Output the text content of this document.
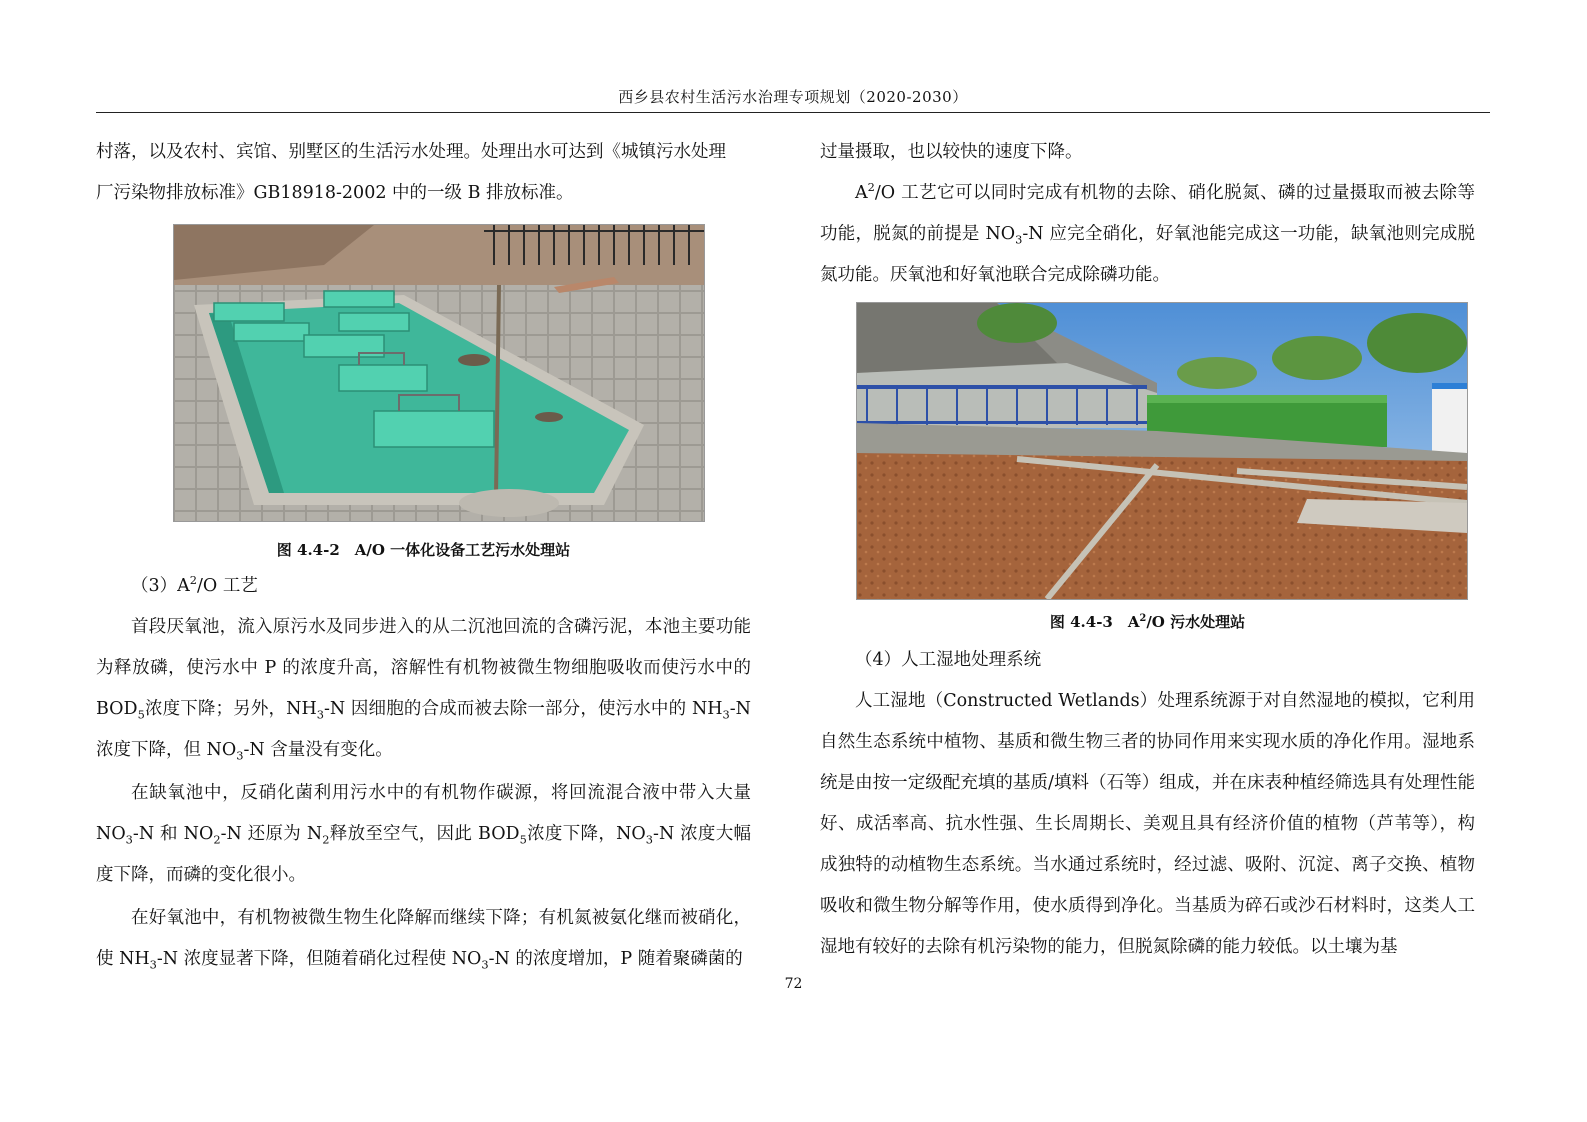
西乡县农村生活污水治理专项规划（2020-2030）

村落，以及农村、宾馆、别墅区的生活污水处理。处理出水可达到《城镇污水处理

厂污染物排放标准》GB18918-2002 中的一级 B 排放标准。

图 4.4-2　A/O 一体化设备工艺污水处理站

$(3)A^2/O$ 工艺

首段厌氧池，流入原污水及同步进入的从二沉池回流的含磷污泥，本池主要功能为释放磷，使污水中 P 的浓度升高，溶解性有机物被微生物细胞吸收而使污水中的 $BOD_5$浓度下降；另外，$NH_3-N$ 因细胞的合成而被去除一部分，使污水中的 $NH_3-N$ 浓度下降，但 $NO_3-N$ 含量没有变化。

在缺氧池中，反硝化菌利用污水中的有机物作碳源，将回流混合液中带入大量 $NO_3-N$ 和 $NO_2-N$ 还原为 $N_2$释放至空气，因此 $BOD_5$浓度下降，$NO_3-N$ 浓度大幅度下降，而磷的变化很小。

在好氧池中，有机物被微生物生化降解而继续下降；有机氮被氨化继而被硝化，使 $NH_3-N$ 浓度显著下降，但随着硝化过程使 $NO_3-N$ 的浓度增加，P 随着聚磷菌的

过量摄取，也以较快的速度下降。

$A^2/O$ 工艺它可以同时完成有机物的去除、硝化脱氮、磷的过量摄取而被去除等功能，脱氮的前提是 $NO_3-N$ 应完全硝化，好氧池能完成这一功能，缺氧池则完成脱氮功能。厌氧池和好氧池联合完成除磷功能。

图 4.4-3　$A^2/O$ 污水处理站

（4）人工湿地处理系统

人工湿地（Constructed Wetlands）处理系统源于对自然湿地的模拟，它利用自然生态系统中植物、基质和微生物三者的协同作用来实现水质的净化作用。湿地系统是由按一定级配充填的基质/填料（石等）组成，并在床表种植经筛选具有处理性能好、成活率高、抗水性强、生长周期长、美观且具有经济价值的植物（芦苇等），构成独特的动植物生态系统。当水通过系统时，经过滤、吸附、沉淀、离子交换、植物吸收和微生物分解等作用，使水质得到净化。当基质为碎石或沙石材料时，这类人工湿地有较好的去除有机污染物的能力，但脱氮除磷的能力较低。以土壤为基

72
